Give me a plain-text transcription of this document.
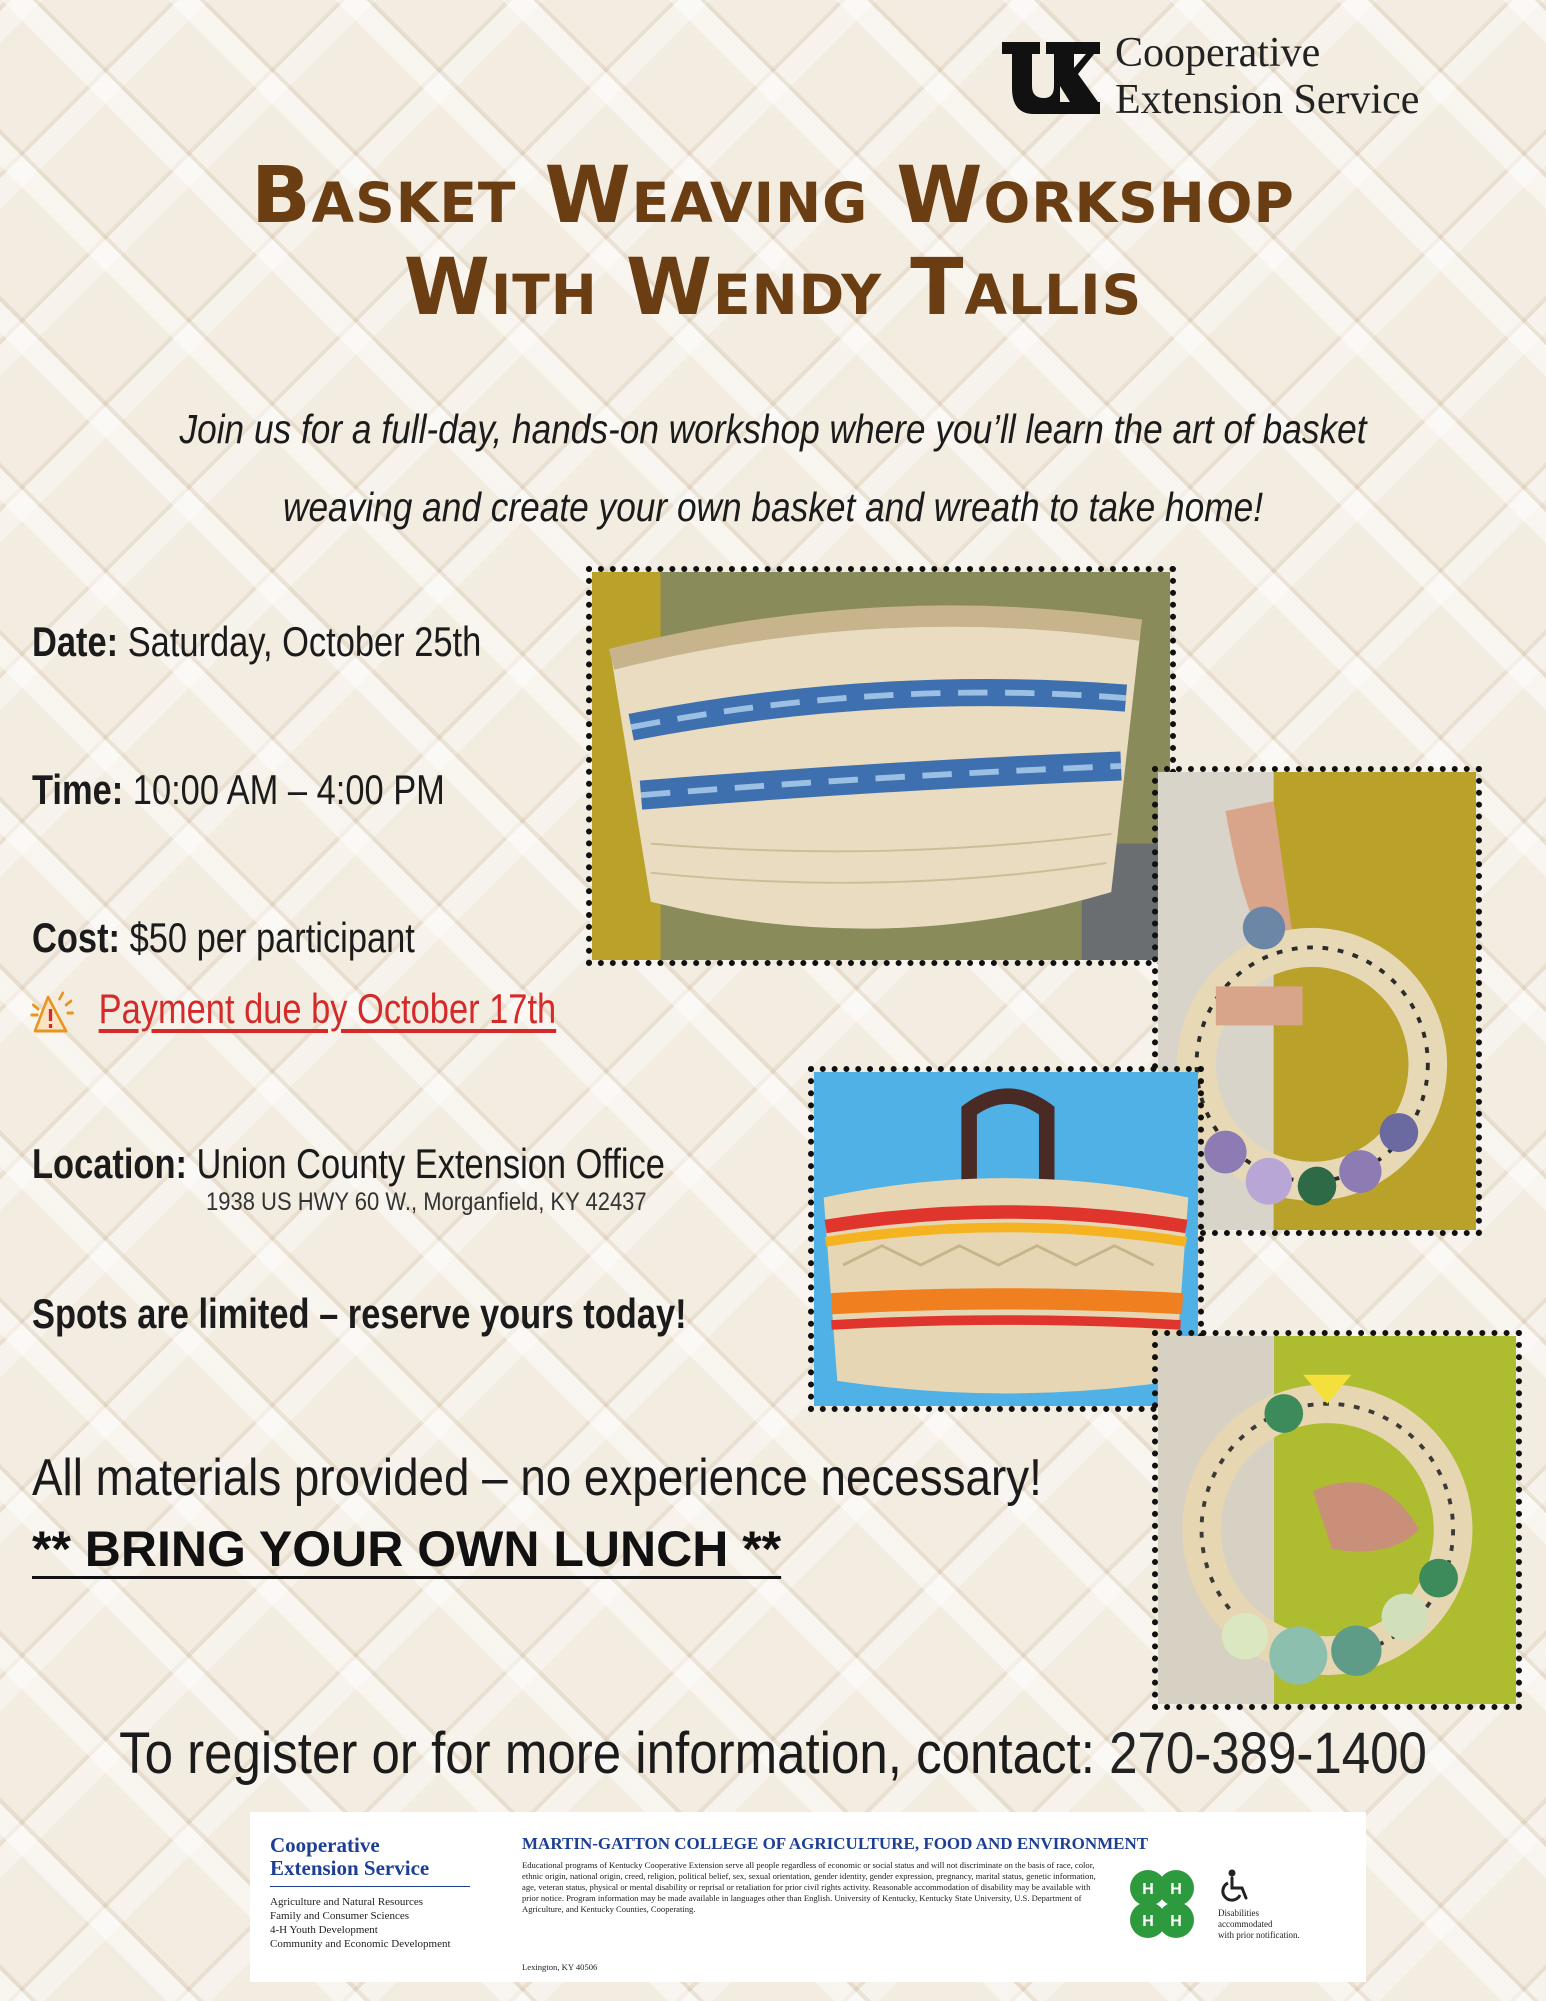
Cooperative
Extension Service
Basket Weaving Workshop
With Wendy Tallis
Join us for a full-day, hands-on workshop where you’ll learn the art of basket
weaving and create your own basket and wreath to take home!
Date: Saturday, October 25th
Time: 10:00 AM – 4:00 PM
Cost: $50 per participant
Payment due by October 17th
Location: Union County Extension Office
1938 US HWY 60 W., Morganfield, KY 42437
Spots are limited – reserve yours today!
All materials provided – no experience necessary!
** BRING YOUR OWN LUNCH **
To register or for more information, contact: 270-389-1400
Cooperative
Extension Service
Agriculture and Natural Resources
Family and Consumer Sciences
4-H Youth Development
Community and Economic Development
MARTIN-GATTON COLLEGE OF AGRICULTURE, FOOD AND ENVIRONMENT
Educational programs of Kentucky Cooperative Extension serve all people regardless of economic or social status and will not discriminate on the basis of race, color, ethnic origin, national origin, creed, religion, political belief, sex, sexual orientation, gender identity, gender expression, pregnancy, marital status, genetic information, age, veteran status, physical or mental disability or reprisal or retaliation for prior civil rights activity. Reasonable accommodation of disability may be available with prior notice. Program information may be made available in languages other than English. University of Kentucky, Kentucky State University, U.S. Department of Agriculture, and Kentucky Counties, Cooperating.
Lexington, KY 40506
H H
H H	Disabilities
accommodated
with prior notification.
